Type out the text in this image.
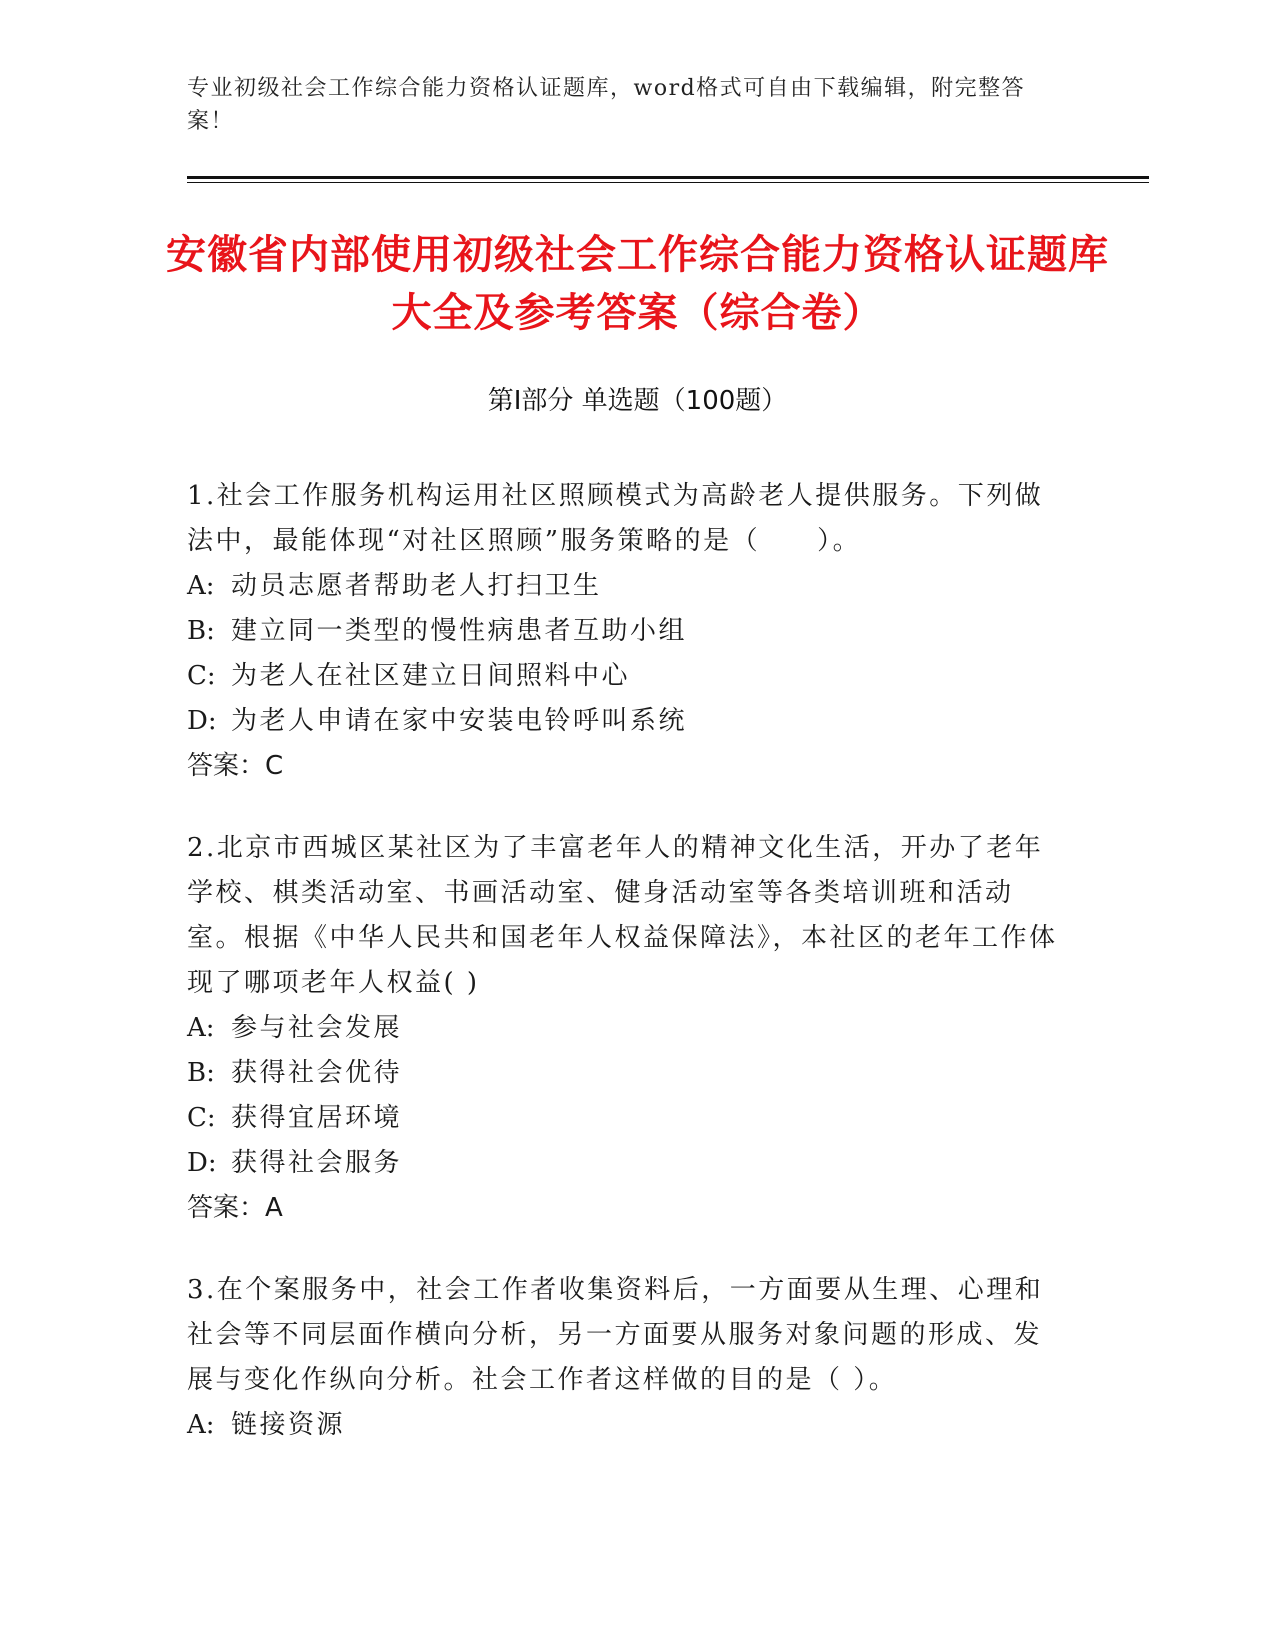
专业初级社会工作综合能力资格认证题库，word格式可自由下载编辑，附完整答案！
安徽省内部使用初级社会工作综合能力资格认证题库大全及参考答案（综合卷）
第Ⅰ部分 单选题（100题）

1.社会工作服务机构运用社区照顾模式为高龄老人提供服务。下列做法中，最能体现“对社区照顾”服务策略的是（　　）。

A: 动员志愿者帮助老人打扫卫生

B: 建立同一类型的慢性病患者互助小组

C: 为老人在社区建立日间照料中心

D: 为老人申请在家中安装电铃呼叫系统

答案：C

2.北京市西城区某社区为了丰富老年人的精神文化生活，开办了老年学校、棋类活动室、书画活动室、健身活动室等各类培训班和活动室。根据《中华人民共和国老年人权益保障法》，本社区的老年工作体现了哪项老年人权益( )

A: 参与社会发展

B: 获得社会优待

C: 获得宜居环境

D: 获得社会服务

答案：A

3.在个案服务中，社会工作者收集资料后，一方面要从生理、心理和社会等不同层面作横向分析，另一方面要从服务对象问题的形成、发展与变化作纵向分析。社会工作者这样做的目的是（ ）。

A: 链接资源
